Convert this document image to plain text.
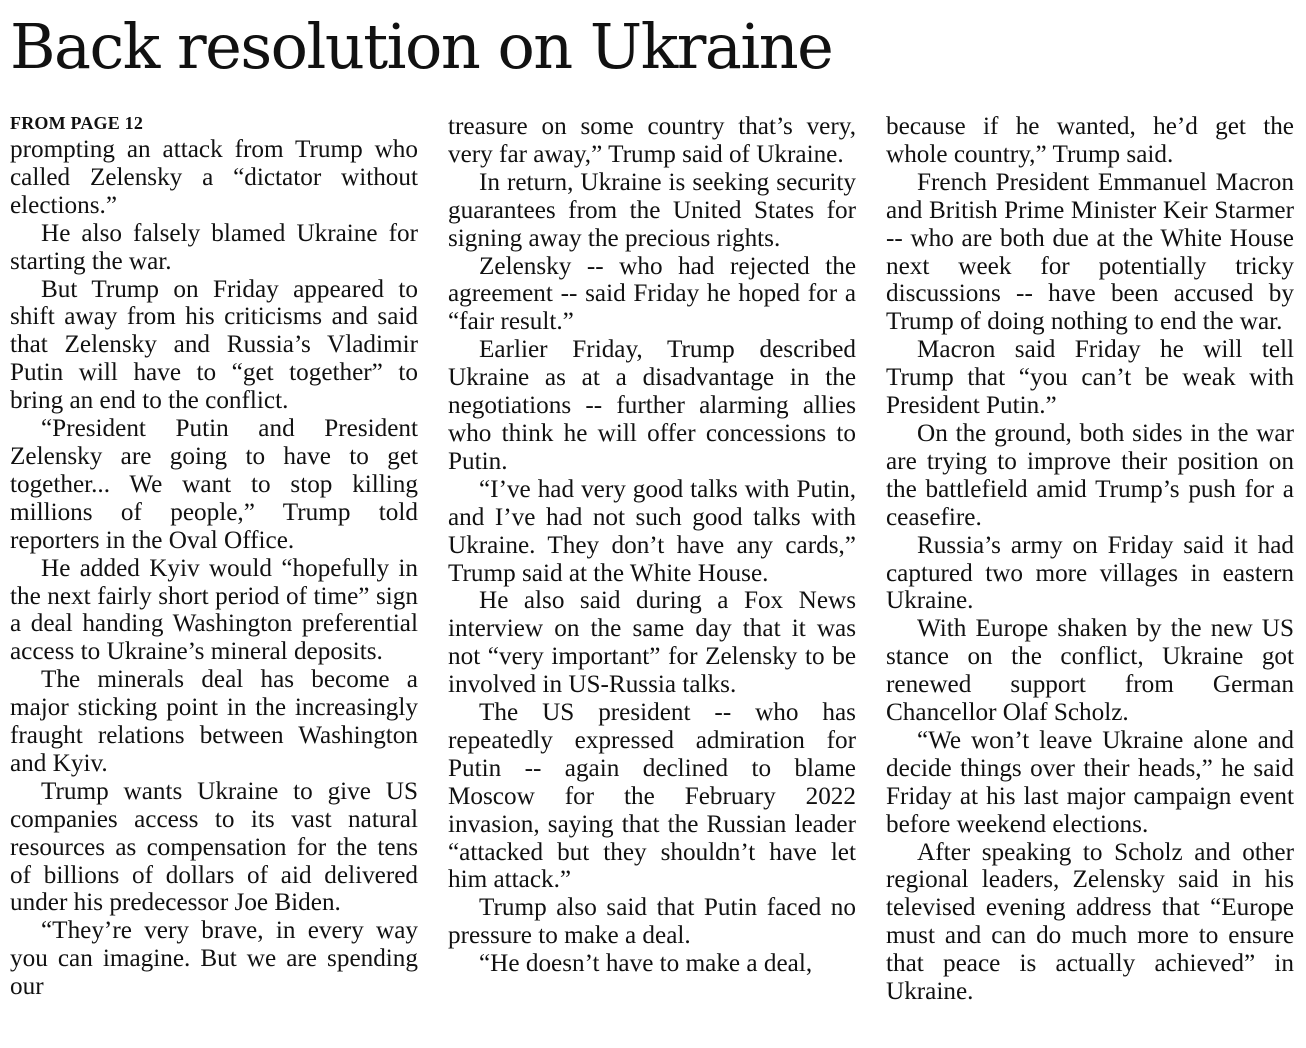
Back resolution on Ukraine
FROM PAGE 12

prompting an attack from Trump who called Zelensky a “dictator without elections.”

He also falsely blamed Ukraine for starting the war.

But Trump on Friday appeared to shift away from his criticisms and said that Zelensky and Russia’s Vladimir Putin will have to “get together” to bring an end to the conflict.

“President Putin and President Zelensky are going to have to get together... We want to stop killing millions of people,” Trump told reporters in the Oval Office.

He added Kyiv would “hopefully in the next fairly short period of time” sign a deal handing Washington preferential access to Ukraine’s mineral deposits.

The minerals deal has become a major sticking point in the increasingly fraught relations between Washington and Kyiv.

Trump wants Ukraine to give US companies access to its vast natural resources as compensation for the tens of billions of dollars of aid delivered under his predecessor Joe Biden.

“They’re very brave, in every way you can imagine. But we are spending our

treasure on some country that’s very, very far away,” Trump said of Ukraine.

In return, Ukraine is seeking security guarantees from the United States for signing away the precious rights.

Zelensky -- who had rejected the agreement -- said Friday he hoped for a “fair result.”

Earlier Friday, Trump described Ukraine as at a disadvantage in the negotiations -- further alarming allies who think he will offer concessions to Putin.

“I’ve had very good talks with Putin, and I’ve had not such good talks with Ukraine. They don’t have any cards,” Trump said at the White House.

He also said during a Fox News interview on the same day that it was not “very important” for Zelensky to be involved in US-Russia talks.

The US president -- who has repeatedly expressed admiration for Putin -- again declined to blame Moscow for the February 2022 invasion, saying that the Russian leader “attacked but they shouldn’t have let him attack.”

Trump also said that Putin faced no pressure to make a deal.

“He doesn’t have to make a deal,

because if he wanted, he’d get the whole country,” Trump said.

French President Emmanuel Macron and British Prime Minister Keir Starmer -- who are both due at the White House next week for potentially tricky discussions -- have been accused by Trump of doing nothing to end the war.

Macron said Friday he will tell Trump that “you can’t be weak with President Putin.”

On the ground, both sides in the war are trying to improve their position on the battlefield amid Trump’s push for a ceasefire.

Russia’s army on Friday said it had captured two more villages in eastern Ukraine.

With Europe shaken by the new US stance on the conflict, Ukraine got renewed support from German Chancellor Olaf Scholz.

“We won’t leave Ukraine alone and decide things over their heads,” he said Friday at his last major campaign event before weekend elections.

After speaking to Scholz and other regional leaders, Zelensky said in his televised evening address that “Europe must and can do much more to ensure that peace is actually achieved” in Ukraine.
